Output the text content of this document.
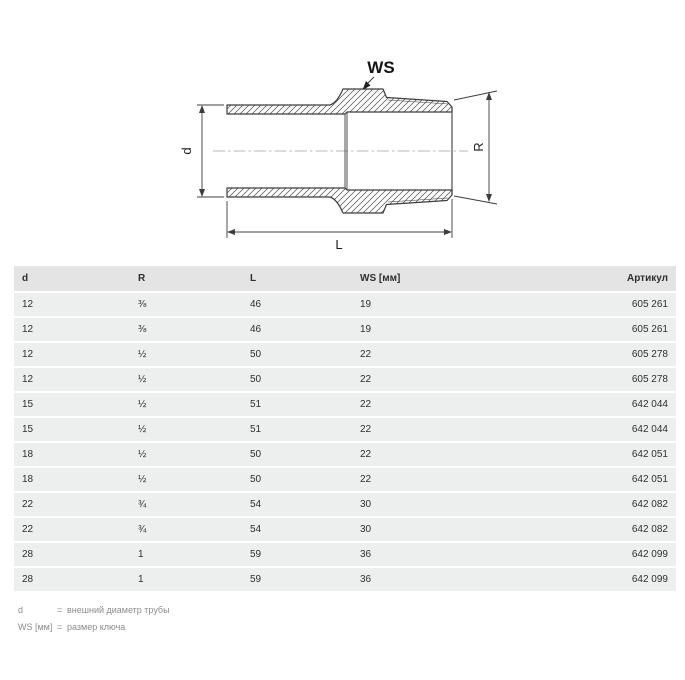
d	R
L
WS
d	R	L	WS [мм]	Артикул
12	⅜	46	19	605 261
12	⅜	46	19	605 261
12	½	50	22	605 278
12	½	50	22	605 278
15	½	51	22	642 044
15	½	51	22	642 044
18	½	50	22	642 051
18	½	50	22	642 051
22	¾	54	30	642 082
22	¾	54	30	642 082
28	1	59	36	642 099
28	1	59	36	642 099
d	= внешний диаметр трубы
WS [мм] = размер ключа
